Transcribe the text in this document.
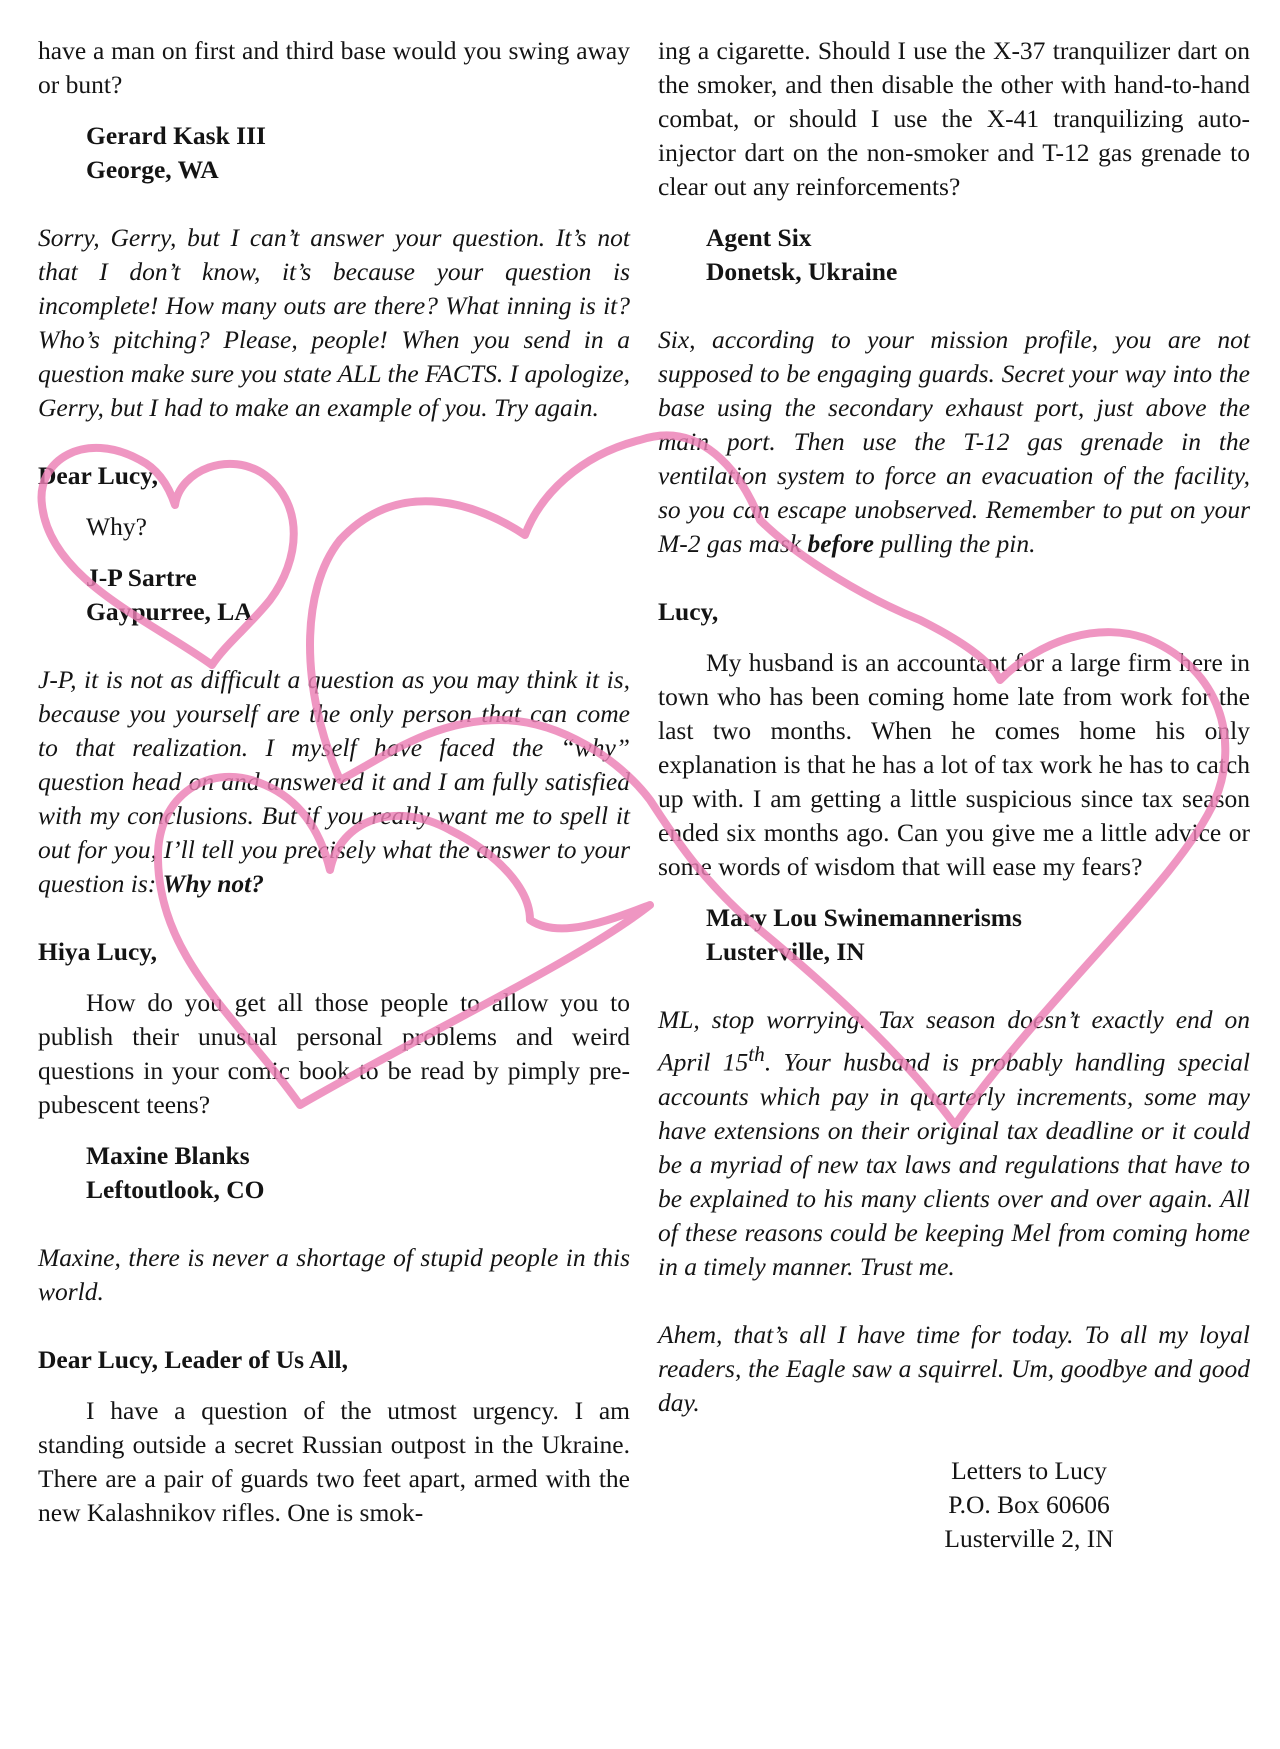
have a man on first and third base would you swing away or bunt?

Gerard Kask III

George, WA

Sorry, Gerry, but I can’t answer your question. It’s not that I don’t know, it’s because your question is incomplete! How many outs are there? What inning is it? Who’s pitching? Please, people! When you send in a question make sure you state ALL the FACTS. I apologize, Gerry, but I had to make an example of you. Try again.

Dear Lucy,

Why?

J-P Sartre

Gaypurree, LA

J-P, it is not as difficult a question as you may think it is, because you yourself are the only person that can come to that realization. I myself have faced the “why” question head on and answered it and I am fully satisfied with my conclusions. But if you really want me to spell it out for you, I’ll tell you precisely what the answer to your question is: Why not?

Hiya Lucy,

How do you get all those people to allow you to publish their unusual personal problems and weird questions in your comic book to be read by pimply pre-pubescent teens?

Maxine Blanks

Leftoutlook, CO

Maxine, there is never a shortage of stupid people in this world.

Dear Lucy, Leader of Us All,

I have a question of the utmost urgency. I am standing outside a secret Russian outpost in the Ukraine. There are a pair of guards two feet apart, armed with the new Kalashnikov rifles. One is smok-

ing a cigarette. Should I use the X-37 tranquilizer dart on the smoker, and then disable the other with hand-to-hand combat, or should I use the X-41 tranquilizing auto-injector dart on the non-smoker and T-12 gas grenade to clear out any reinforcements?

Agent Six

Donetsk, Ukraine

Six, according to your mission profile, you are not supposed to be engaging guards. Secret your way into the base using the secondary exhaust port, just above the main port. Then use the T-12 gas grenade in the ventilation system to force an evacuation of the facility, so you can escape unobserved. Remember to put on your M-2 gas mask before pulling the pin.

Lucy,

My husband is an accountant for a large firm here in town who has been coming home late from work for the last two months. When he comes home his only explanation is that he has a lot of tax work he has to catch up with. I am getting a little suspicious since tax season ended six months ago. Can you give me a little advice or some words of wisdom that will ease my fears?

Mary Lou Swinemannerisms

Lusterville, IN

ML, stop worrying. Tax season doesn’t exactly end on April 15th. Your husband is probably handling special accounts which pay in quarterly increments, some may have extensions on their original tax deadline or it could be a myriad of new tax laws and regulations that have to be explained to his many clients over and over again. All of these reasons could be keeping Mel from coming home in a timely manner. Trust me.

Ahem, that’s all I have time for today. To all my loyal readers, the Eagle saw a squirrel. Um, goodbye and good day.

Letters to Lucy

P.O. Box 60606

Lusterville 2, IN
